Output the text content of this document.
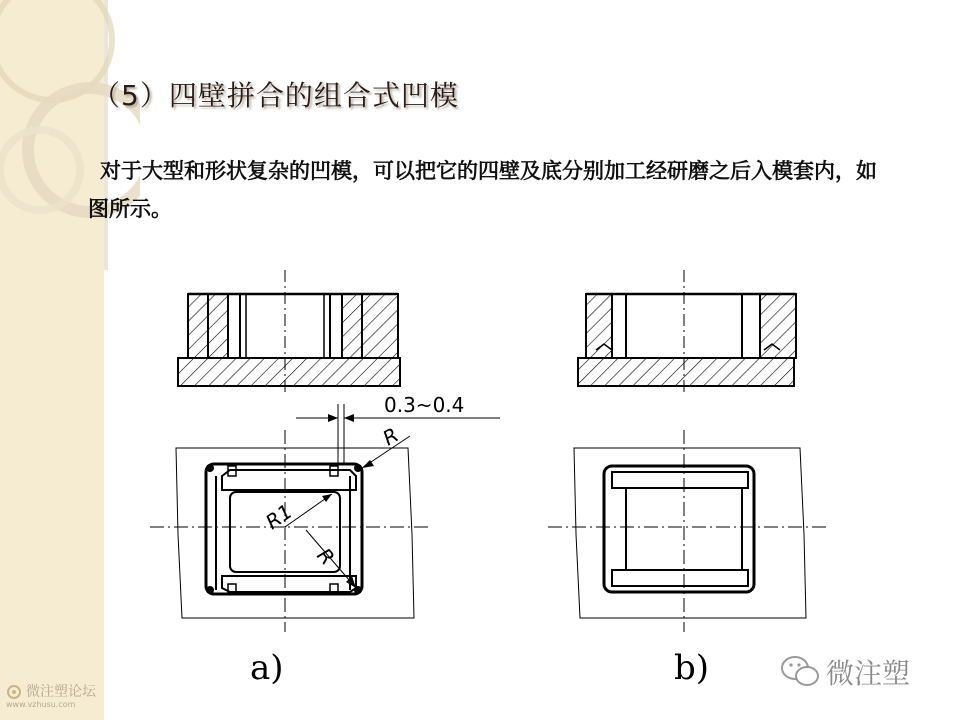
（5）四壁拼合的组合式凹模
对于大型和形状复杂的凹模，可以把它的四壁及底分别加工经研磨之后入模套内，如图所示。
0.3~0.4
R
R1
R
a)	b)	微注塑
微注塑论坛
www.vzhusu.com
